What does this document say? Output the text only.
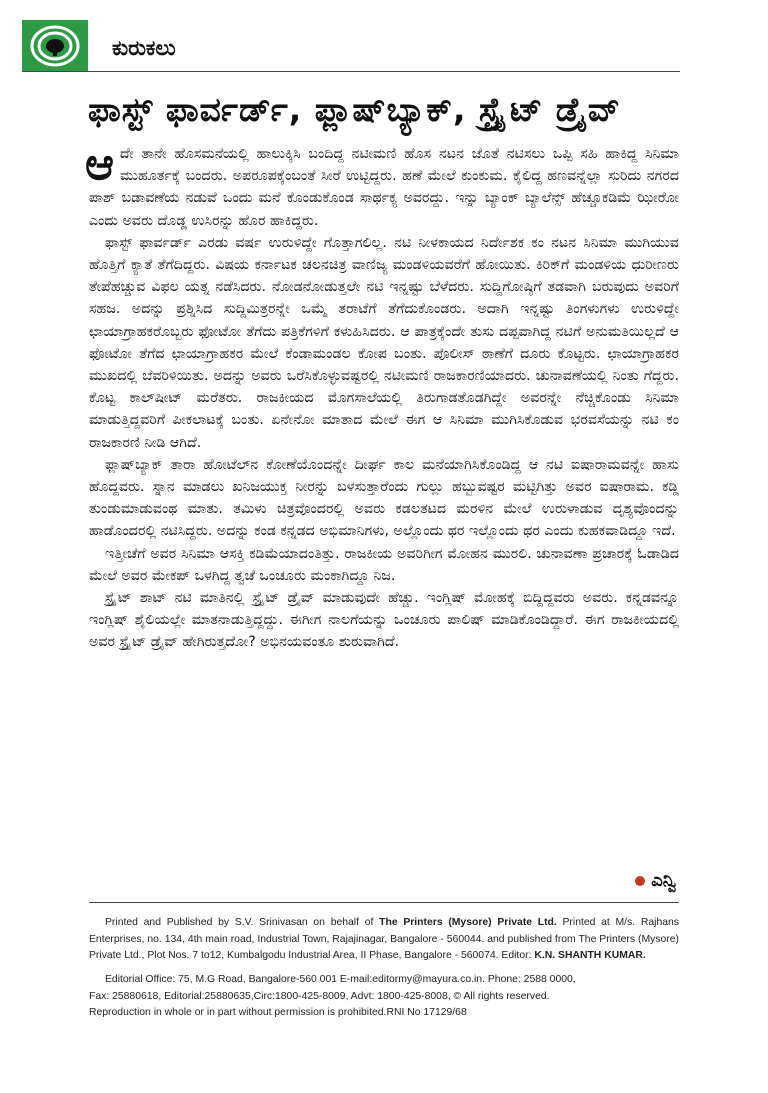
ಕುರುಕಲು
ಫಾಸ್ಟ್ ಫಾರ್ವರ್ಡ್, ಫ್ಲಾಷ್‌ಬ್ಯಾಕ್, ಸ್ಟ್ರೈಟ್ ಡ್ರೈವ್

ಆದೇ ತಾನೇ ಹೊಸಮನೆಯಲ್ಲಿ ಹಾಲುಕ್ಕಿಸಿ ಬಂದಿದ್ದ ನಟೀಮಣಿ ಹೊಸ ನಟನ ಜೊತೆ ನಟಿಸಲು ಒಪ್ಪಿ ಸಹಿ ಹಾಕಿದ್ದ ಸಿನಿಮಾ ಮುಹೂರ್ತಕ್ಕೆ ಬಂದರು. ಅಪರೂಪಕ್ಕೆಂಬಂತೆ ಸೀರೆ ಉಟ್ಟಿದ್ದರು. ಹಣೆ ಮೇಲೆ ಕುಂಕುಮ. ಕೈಲಿದ್ದ ಹಣವನ್ನೆಲ್ಲಾ ಸುರಿದು ನಗರದ ಪಾಶ್ ಬಡಾವಣೆಯ ನಡುವೆ ಒಂದು ಮನೆ ಕೊಂಡುಕೊಂಡ ಸಾರ್ಥಕ್ಯ ಅವರದ್ದು. ಇನ್ನು ಬ್ಯಾಂಕ್ ಬ್ಯಾಲೆನ್ಸ್ ಹೆಚ್ಚೂಕಡಿಮೆ ಝೀರೋ ಎಂದು ಅವರು ದೊಡ್ಡ ಉಸಿರನ್ನು ಹೊರ ಹಾಕಿದ್ದರು.

ಫಾಸ್ಟ್ ಫಾರ್ವರ್ಡ್ ಎರಡು ವರ್ಷ ಉರುಳಿದ್ದೇ ಗೊತ್ತಾಗಲಿಲ್ಲ. ನಟಿ ನೀಳಕಾಯದ ನಿರ್ದೇಶಕ ಕಂ ನಟನ ಸಿನಿಮಾ ಮುಗಿಯುವ ಹೊತ್ತಿಗೆ ಕ್ಯಾತೆ ತೆಗೆದಿದ್ದರು. ವಿಷಯ ಕರ್ನಾಟಕ ಚಲನಚಿತ್ರ ವಾಣಿಜ್ಯ ಮಂಡಳಿಯವರೆಗೆ ಹೋಯಿತು. ಕಿರಿಕ್‌ಗೆ ಮಂಡಳಿಯ ಧುರೀಣರು ತೇಪೆಹಚ್ಚುವ ವಿಫಲ ಯತ್ನ ನಡೆಸಿದರು. ನೋಡನೋಡುತ್ತಲೇ ನಟಿ ಇನ್ನಷ್ಟು ಬೆಳೆದರು. ಸುದ್ದಿಗೋಷ್ಠಿಗೆ ತಡವಾಗಿ ಬರುವುದು ಅವರಿಗೆ ಸಹಜ. ಅದನ್ನು ಪ್ರಶ್ನಿಸಿದ ಸುದ್ದಿಮಿತ್ರರನ್ನೇ ಒಮ್ಮೆ ತರಾಟೆಗೆ ತೆಗೆದುಕೊಂಡರು. ಅದಾಗಿ ಇನ್ನಷ್ಟು ತಿಂಗಳುಗಳು ಉರುಳಿದ್ದೇ ಛಾಯಾಗ್ರಾಹಕರೊಬ್ಬರು ಫೋಟೋ ತೆಗೆದು ಪತ್ರಿಕೆಗಳಿಗೆ ಕಳುಹಿಸಿದರು. ಆ ಪಾತ್ರಕ್ಕೆಂದೇ ತುಸು ದಪ್ಪವಾಗಿದ್ದ ನಟಿಗೆ ಅನುಮತಿಯಿಲ್ಲದೆ ಆ ಫೋಟೋ ತೆಗೆದ ಛಾಯಾಗ್ರಾಹಕರ ಮೇಲೆ ಕೆಂಡಾಮಂಡಲ ಕೋಪ ಬಂತು. ಪೊಲೀಸ್ ಠಾಣೆಗೆ ದೂರು ಕೊಟ್ಟರು. ಛಾಯಾಗ್ರಾಹಕರ ಮುಖದಲ್ಲಿ ಬೆವರಿಳಿಯಿತು. ಅದನ್ನು ಅವರು ಒರೆಸಿಕೊಳ್ಳುವಷ್ಟರಲ್ಲಿ ನಟೀಮಣಿ ರಾಜಕಾರಣಿಯಾದರು. ಚುನಾವಣೆಯಲ್ಲಿ ನಿಂತು ಗೆದ್ದರು. ಕೊಟ್ಟ ಕಾಲ್‌ಷೀಟ್ ಮರೆತರು. ರಾಜಕೀಯದ ಮೊಗಸಾಲೆಯಲ್ಲಿ ತಿರುಗಾಡತೊಡಗಿದ್ದೇ ಅವರನ್ನೇ ನೆಚ್ಚಿಕೊಂಡು ಸಿನಿಮಾ ಮಾಡುತ್ತಿದ್ದವರಿಗೆ ಪೀಕಲಾಟಕ್ಕೆ ಬಂತು. ಏನೇನೋ ಮಾತಾದ ಮೇಲೆ ಈಗ ಆ ಸಿನಿಮಾ ಮುಗಿಸಿಕೊಡುವ ಭರವಸೆಯನ್ನು ನಟಿ ಕಂ ರಾಜಕಾರಣಿ ನೀಡಿ ಆಗಿದೆ.

ಫ್ಲಾಷ್‌ಬ್ಯಾಕ್ ತಾರಾ ಹೋಟೆಲ್‌ನ ಕೋಣೆಯೊಂದನ್ನೇ ದೀರ್ಘ ಕಾಲ ಮನೆಯಾಗಿಸಿಕೊಂಡಿದ್ದ ಆ ನಟಿ ಐಷಾರಾಮವನ್ನೇ ಹಾಸು ಹೊದ್ದವರು. ಸ್ನಾನ ಮಾಡಲು ಖನಿಜಯುಕ್ತ ನೀರನ್ನು ಬಳಸುತ್ತಾರೆಂದು ಗುಲ್ಲು ಹಬ್ಬುವಷ್ಟರ ಮಟ್ಟಿಗಿತ್ತು ಅವರ ಐಷಾರಾಮ. ಕಡ್ಡಿ ತುಂಡುಮಾಡುವಂಥ ಮಾತು. ತಮಿಳು ಚಿತ್ರವೊಂದರಲ್ಲಿ ಅವರು ಕಡಲತಟದ ಮರಳಿನ ಮೇಲೆ ಉರುಳಾಡುವ ದೃಶ್ಯವೊಂದನ್ನು ಹಾಡೊಂದರಲ್ಲಿ ನಟಿಸಿದ್ದರು. ಅದನ್ನು ಕಂಡ ಕನ್ನಡದ ಅಭಿಮಾನಿಗಳು, ಅಲ್ಲೊಂದು ಥರ ಇಲ್ಲೊಂದು ಥರ ಎಂದು ಕುಹಕವಾಡಿದ್ದೂ ಇದೆ.

ಇತ್ತೀಚೆಗೆ ಅವರ ಸಿನಿಮಾ ಆಸಕ್ತಿ ಕಡಿಮೆಯಾದಂತಿತ್ತು. ರಾಜಕೀಯ ಅವರಿಗೀಗ ಮೋಹನ ಮುರಲಿ. ಚುನಾವಣಾ ಪ್ರಚಾರಕ್ಕೆ ಓಡಾಡಿದ ಮೇಲೆ ಅವರ ಮೇಕಪ್ ಒಳಗಿದ್ದ ತ್ವಚೆ ಒಂಚೂರು ಮಂಕಾಗಿದ್ದೂ ನಿಜ.

ಸ್ಟ್ರೈಟ್ ಶಾಟ್ ನಟಿ ಮಾತಿನಲ್ಲಿ ಸ್ಟ್ರೈಟ್ ಡ್ರೈವ್ ಮಾಡುವುದೇ ಹೆಚ್ಚು. ಇಂಗ್ಲಿಷ್ ಮೋಹಕ್ಕೆ ಬಿದ್ದಿದ್ದವರು ಅವರು. ಕನ್ನಡವನ್ನೂ ಇಂಗ್ಲಿಷ್ ಶೈಲಿಯಲ್ಲೇ ಮಾತನಾಡುತ್ತಿದ್ದದ್ದು. ಈಗೀಗ ನಾಲಗೆಯನ್ನು ಒಂಚೂರು ಪಾಲಿಷ್ ಮಾಡಿಕೊಂಡಿದ್ದಾರೆ. ಈಗ ರಾಜಕೀಯದಲ್ಲಿ ಅವರ ಸ್ಟ್ರೈಟ್ ಡ್ರೈವ್ ಹೇಗಿರುತ್ತದೋ? ಅಭಿನಯವಂತೂ ಶುರುವಾಗಿದೆ.

ಎನ್ವಿ
Printed and Published by S.V. Srinivasan on behalf of The Printers (Mysore) Private Ltd. Printed at M/s. Rajhans Enterprises, no. 134, 4th main road, Industrial Town, Rajajinagar, Bangalore - 560044. and published from The Printers (Mysore) Private Ltd., Plot Nos. 7 to12, Kumbalgodu Industrial Area, II Phase, Bangalore - 560074. Editor: K.N. SHANTH KUMAR.
Editorial Office: 75, M.G Road, Bangalore-560 001 E-mail:editormy@mayura.co.in. Phone: 2588 0000,
Fax: 25880618, Editorial:25880635,Circ:1800-425-8009, Advt: 1800-425-8008, © All rights reserved.
Reproduction in whole or in part without permission is prohibited.RNI No 17129/68
